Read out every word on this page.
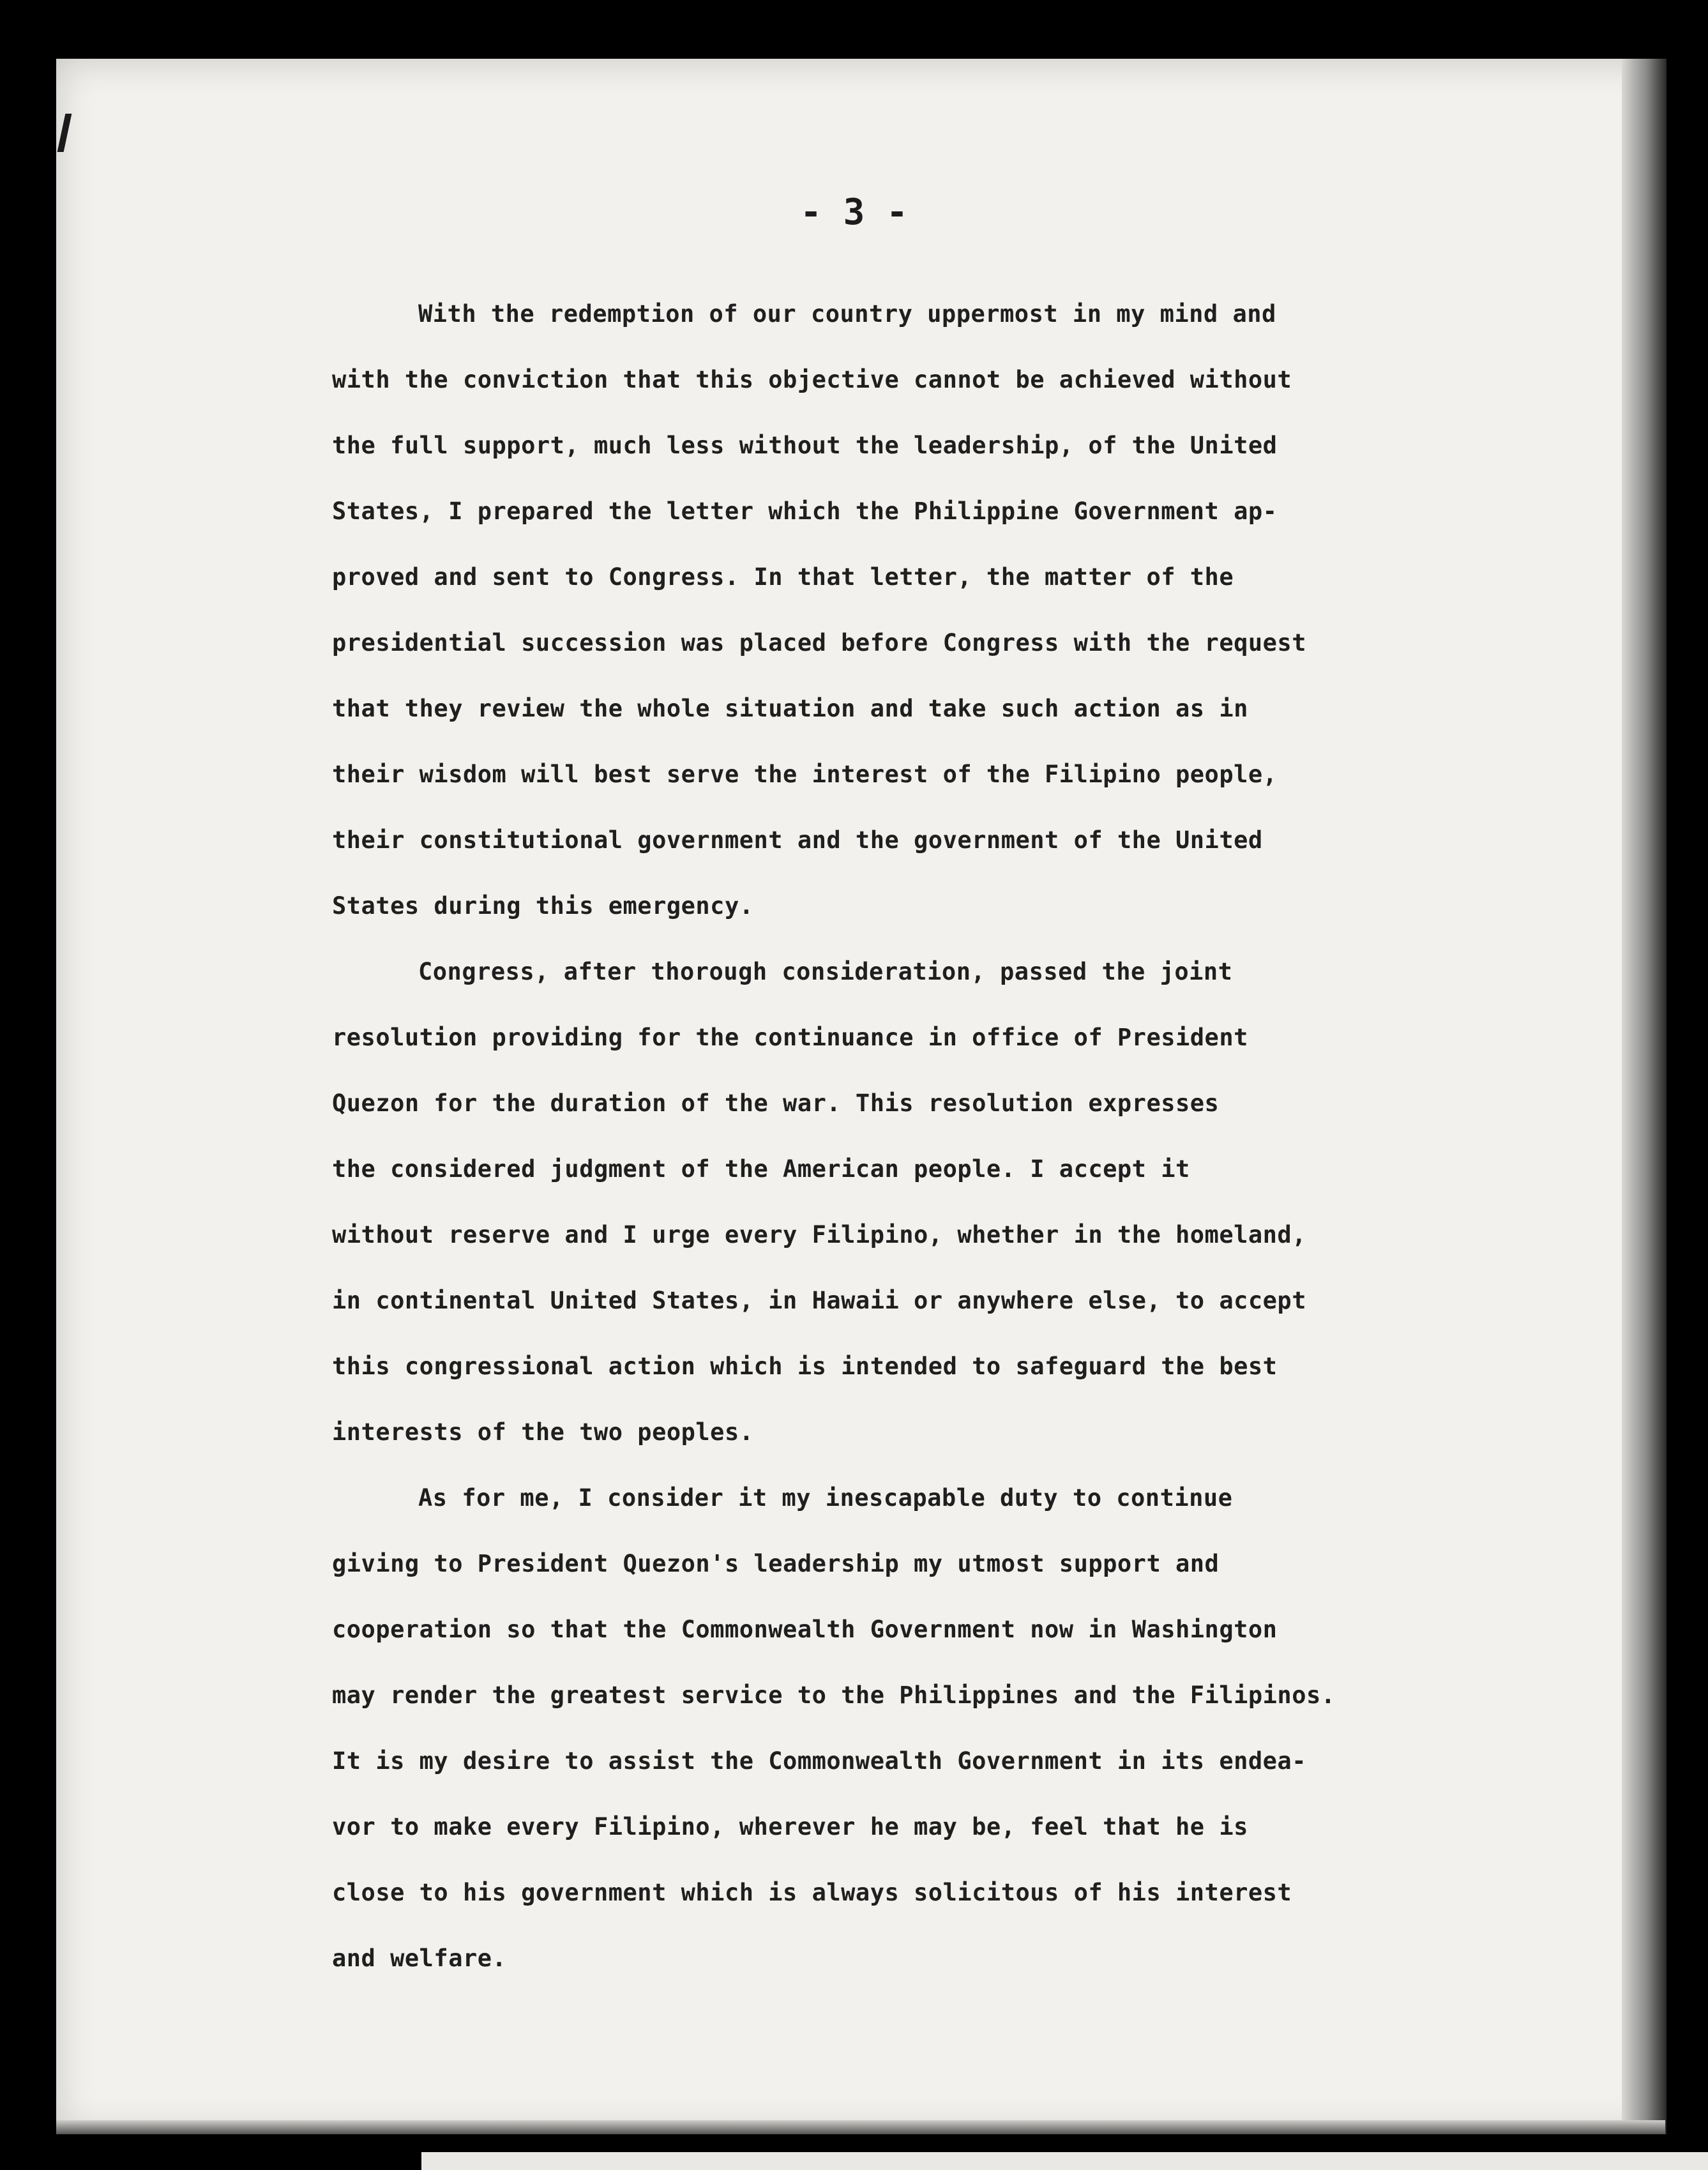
- 3 -
With the redemption of our country uppermost in my mind and
with the conviction that this objective cannot be achieved without
the full support, much less without the leadership, of the United
States, I prepared the letter which the Philippine Government ap-
proved and sent to Congress. In that letter, the matter of the
presidential succession was placed before Congress with the request
that they review the whole situation and take such action as in
their wisdom will best serve the interest of the Filipino people,
their constitutional government and the government of the United
States during this emergency.
Congress, after thorough consideration, passed the joint
resolution providing for the continuance in office of President
Quezon for the duration of the war. This resolution expresses
the considered judgment of the American people. I accept it
without reserve and I urge every Filipino, whether in the homeland,
in continental United States, in Hawaii or anywhere else, to accept
this congressional action which is intended to safeguard the best
interests of the two peoples.
As for me, I consider it my inescapable duty to continue
giving to President Quezon's leadership my utmost support and
cooperation so that the Commonwealth Government now in Washington
may render the greatest service to the Philippines and the Filipinos.
It is my desire to assist the Commonwealth Government in its endea-
vor to make every Filipino, wherever he may be, feel that he is
close to his government which is always solicitous of his interest
and welfare.
